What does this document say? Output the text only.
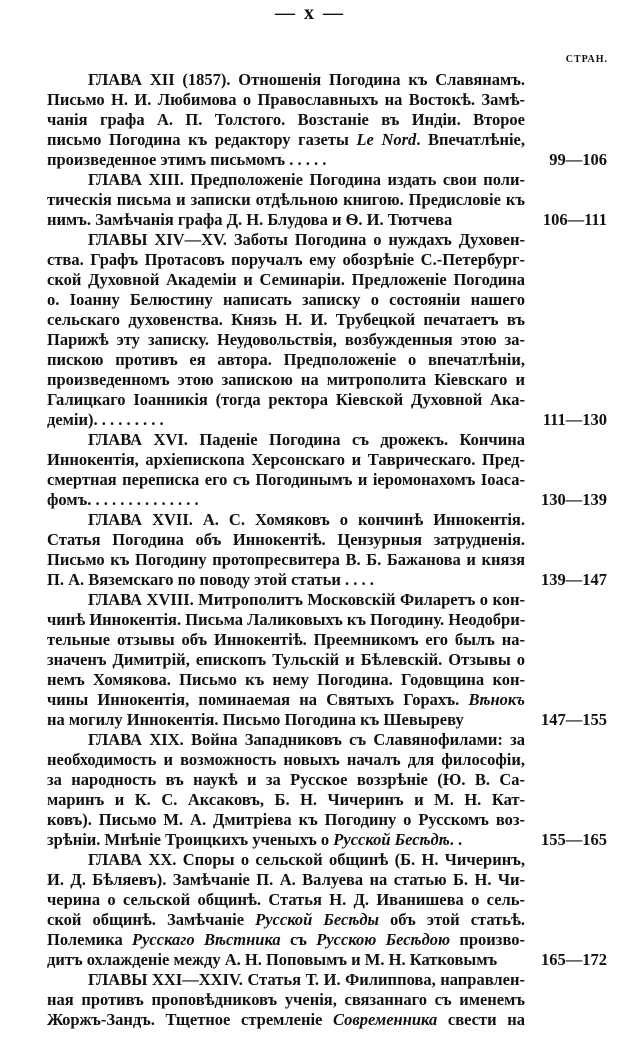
— x —
СТРАН.
ГЛАВА XII (1857). Отношенія Погодина къ Славянамъ.
Письмо Н. И. Любимова о Православныхъ на Востокѣ. Замѣ-
чанія графа А. П. Толстого. Возстаніе въ Индіи. Второе
письмо Погодина къ редактору газеты Le Nord. Впечатлѣніе,
произведенное этимъ письмомъ . . . . .	99—106
ГЛАВА XIII. Предположеніе Погодина издать свои поли-
тическія письма и записки отдѣльною книгою. Предисловіе къ
нимъ. Замѣчанія графа Д. Н. Блудова и Ѳ. И. Тютчева	106—111
ГЛАВЫ XIV—XV. Заботы Погодина о нуждахъ Духовен-
ства. Графъ Протасовъ поручалъ ему обозрѣніе С.-Петербург-
ской Духовной Академіи и Семинаріи. Предложеніе Погодина
о. Іоанну Белюстину написать записку о состояніи нашего
сельскаго духовенства. Князь Н. И. Трубецкой печатаетъ въ
Парижѣ эту записку. Неудовольствія, возбужденныя этою за-
пискою противъ ея автора. Предположеніе о впечатлѣніи,
произведенномъ этою запискою на митрополита Кіевскаго и
Галицкаго Іоанникія (тогда ректора Кіевской Духовной Ака-
деміи). . . . . . . . .	111—130
ГЛАВА XVI. Паденіе Погодина съ дрожекъ. Кончина
Иннокентія, архіепископа Херсонскаго и Таврическаго. Пред-
смертная переписка его съ Погодинымъ и іеромонахомъ Іоаса-
фомъ. . . . . . . . . . . . . .	130—139
ГЛАВА XVII. А. С. Хомяковъ о кончинѣ Иннокентія.
Статья Погодина объ Иннокентіѣ. Цензурныя затрудненія.
Письмо къ Погодину протопресвитера В. Б. Бажанова и князя
П. А. Вяземскаго по поводу этой статьи . . . .	139—147
ГЛАВА XVIII. Митрополитъ Московскій Филаретъ о кон-
чинѣ Иннокентія. Письма Лаликовыхъ къ Погодину. Неодобри-
тельные отзывы объ Иннокентіѣ. Преемникомъ его былъ на-
значенъ Димитрій, епископъ Тульскій и Бѣлевскій. Отзывы о
немъ Хомякова. Письмо къ нему Погодина. Годовщина кон-
чины Иннокентія, поминаемая на Святыхъ Горахъ. Вѣнокъ
на могилу Иннокентія. Письмо Погодина къ Шевыреву	147—155
ГЛАВА XIX. Война Западниковъ съ Славянофилами: за
необходимость и возможность новыхъ началъ для философіи,
за народность въ наукѣ и за Русское воззрѣніе (Ю. В. Са-
маринъ и К. С. Аксаковъ, Б. Н. Чичеринъ и М. Н. Кат-
ковъ). Письмо М. А. Дмитріева къ Погодину о Русскомъ воз-
зрѣніи. Мнѣніе Троицкихъ ученыхъ о Русской Бесѣдѣ. .	155—165
ГЛАВА XX. Споры о сельской общинѣ (Б. Н. Чичеринъ,
И. Д. Бѣляевъ). Замѣчаніе П. А. Валуева на статью Б. Н. Чи-
черина о сельской общинѣ. Статья Н. Д. Иванишева о сель-
ской общинѣ. Замѣчаніе Русской Бесѣды объ этой статьѣ.
Полемика Русскаго Вѣстника съ Русскою Бесѣдою произво-
дитъ охлажденіе между А. Н. Поповымъ и М. Н. Катковымъ	165—172
ГЛАВЫ XXI—XXIV. Статья Т. И. Филиппова, направлен-
ная противъ проповѣдниковъ ученія, связаннаго съ именемъ
Жоржъ-Зандъ. Тщетное стремленіе Современника свести на
